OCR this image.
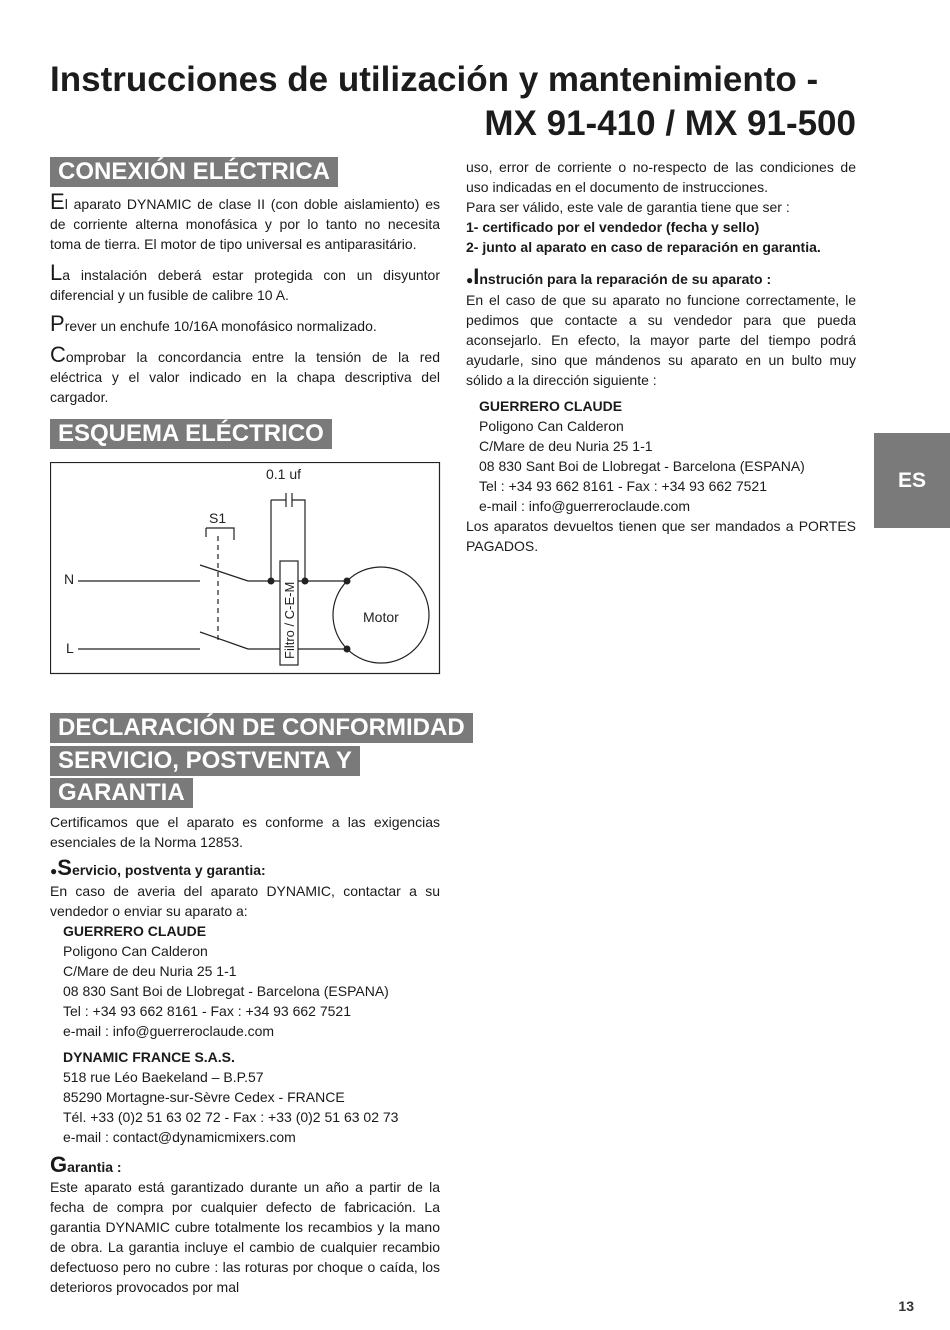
Instrucciones de utilización y mantenimiento -

MX 91-410 / MX 91-500

CONEXIÓN ELÉCTRICA

El aparato DYNAMIC de clase II (con doble aislamiento) es de corriente alterna monofásica y por lo tanto no necesita toma de tierra. El motor de tipo universal es antiparasitário.

La instalación deberá estar protegida con un disyuntor diferencial y un fusible de calibre 10 A.

Prever un enchufe 10/16A monofásico normalizado.

Comprobar la concordancia entre la tensión de la red eléctrica y el valor indicado en la chapa descriptiva del cargador.

ESQUEMA ELÉCTRICO
0.1 uf
S1
N
L	Filtro / C-E-M	Motor
DECLARACIÓN DE CONFORMIDAD
SERVICIO, POSTVENTA Y
GARANTIA

Certificamos que el aparato es conforme a las exigencias esenciales de la Norma 12853.

●Servicio, postventa y garantia:

En caso de averia del aparato DYNAMIC, contactar a su vendedor o enviar su aparato a:

GUERRERO CLAUDE
Poligono Can Calderon
C/Mare de deu Nuria 25 1-1
08 830 Sant Boi de Llobregat - Barcelona (ESPANA)
Tel : +34 93 662 8161 - Fax : +34 93 662 7521
e-mail : info@guerreroclaude.com
DYNAMIC FRANCE S.A.S.
518 rue Léo Baekeland – B.P.57
85290 Mortagne-sur-Sèvre Cedex - FRANCE
Tél. +33 (0)2 51 63 02 72 - Fax : +33 (0)2 51 63 02 73
e-mail : contact@dynamicmixers.com

Garantia :

Este aparato está garantizado durante un año a partir de la fecha de compra por cualquier defecto de fabricación. La garantia DYNAMIC cubre totalmente los recambios y la mano de obra. La garantia incluye el cambio de cualquier recambio defectuoso pero no cubre : las roturas por choque o caída, los deterioros provocados por mal

uso, error de corriente o no-respecto de las condiciones de uso indicadas en el documento de instrucciones.

Para ser válido, este vale de garantia tiene que ser :
1- certificado por el vendedor (fecha y sello)
2- junto al aparato en caso de reparación en garantia.

●Instrución para la reparación de su aparato :

En el caso de que su aparato no funcione correctamente, le pedimos que contacte a su vendedor para que pueda aconsejarlo. En efecto, la mayor parte del tiempo podrá ayudarle, sino que mándenos su aparato en un bulto muy sólido a la dirección siguiente :

GUERRERO CLAUDE
Poligono Can Calderon
C/Mare de deu Nuria 25 1-1
08 830 Sant Boi de Llobregat - Barcelona (ESPANA)
Tel : +34 93 662 8161 - Fax : +34 93 662 7521
e-mail : info@guerreroclaude.com

Los aparatos devueltos tienen que ser mandados a PORTES PAGADOS.

ES
13
